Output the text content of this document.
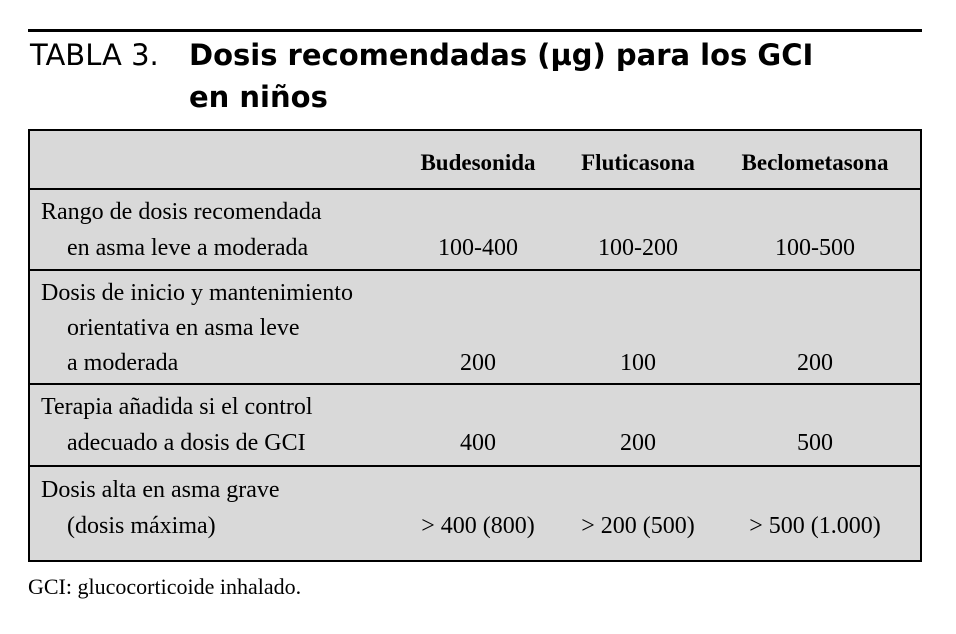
TABLA 3. Dosis recomendadas (µg) para los GCI
en niños
Budesonida	Fluticasona	Beclometasona
Rango de dosis recomendada
en asma leve a moderada	100-400	100-200	100-500
Dosis de inicio y mantenimiento
orientativa en asma leve
a moderada	200	100	200
Terapia añadida si el control
adecuado a dosis de GCI	400	200	500
Dosis alta en asma grave
(dosis máxima)	> 400 (800)	> 200 (500)	> 500 (1.000)
GCI: glucocorticoide inhalado.
